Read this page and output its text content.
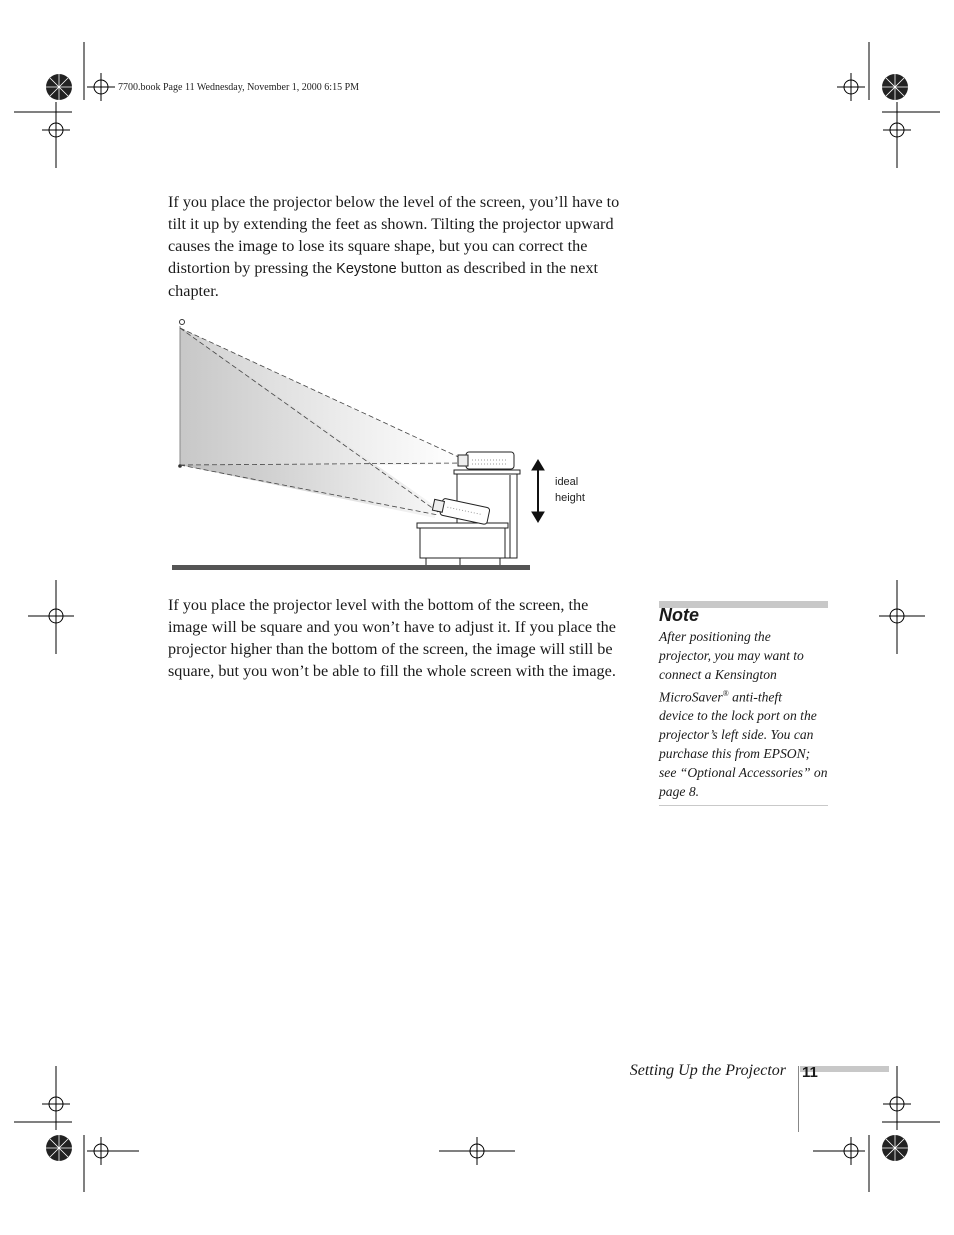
7700.book Page 11 Wednesday, November 1, 2000 6:15 PM
If you place the projector below the level of the screen, you’ll have to
tilt it up by extending the feet as shown. Tilting the projector upward
causes the image to lose its square shape, but you can correct the
distortion by pressing the Keystone button as described in the next
chapter.
ideal
height
If you place the projector level with the bottom of the screen, the
image will be square and you won’t have to adjust it. If you place the
projector higher than the bottom of the screen, the image will still be
square, but you won’t be able to fill the whole screen with the image.
Note
After positioning the
projector, you may want to
connect a Kensington
MicroSaver® anti-theft
device to the lock port on the
projector’s left side. You can
purchase this from EPSON;
see “Optional Accessories” on
page 8.
Setting Up the Projector 11
